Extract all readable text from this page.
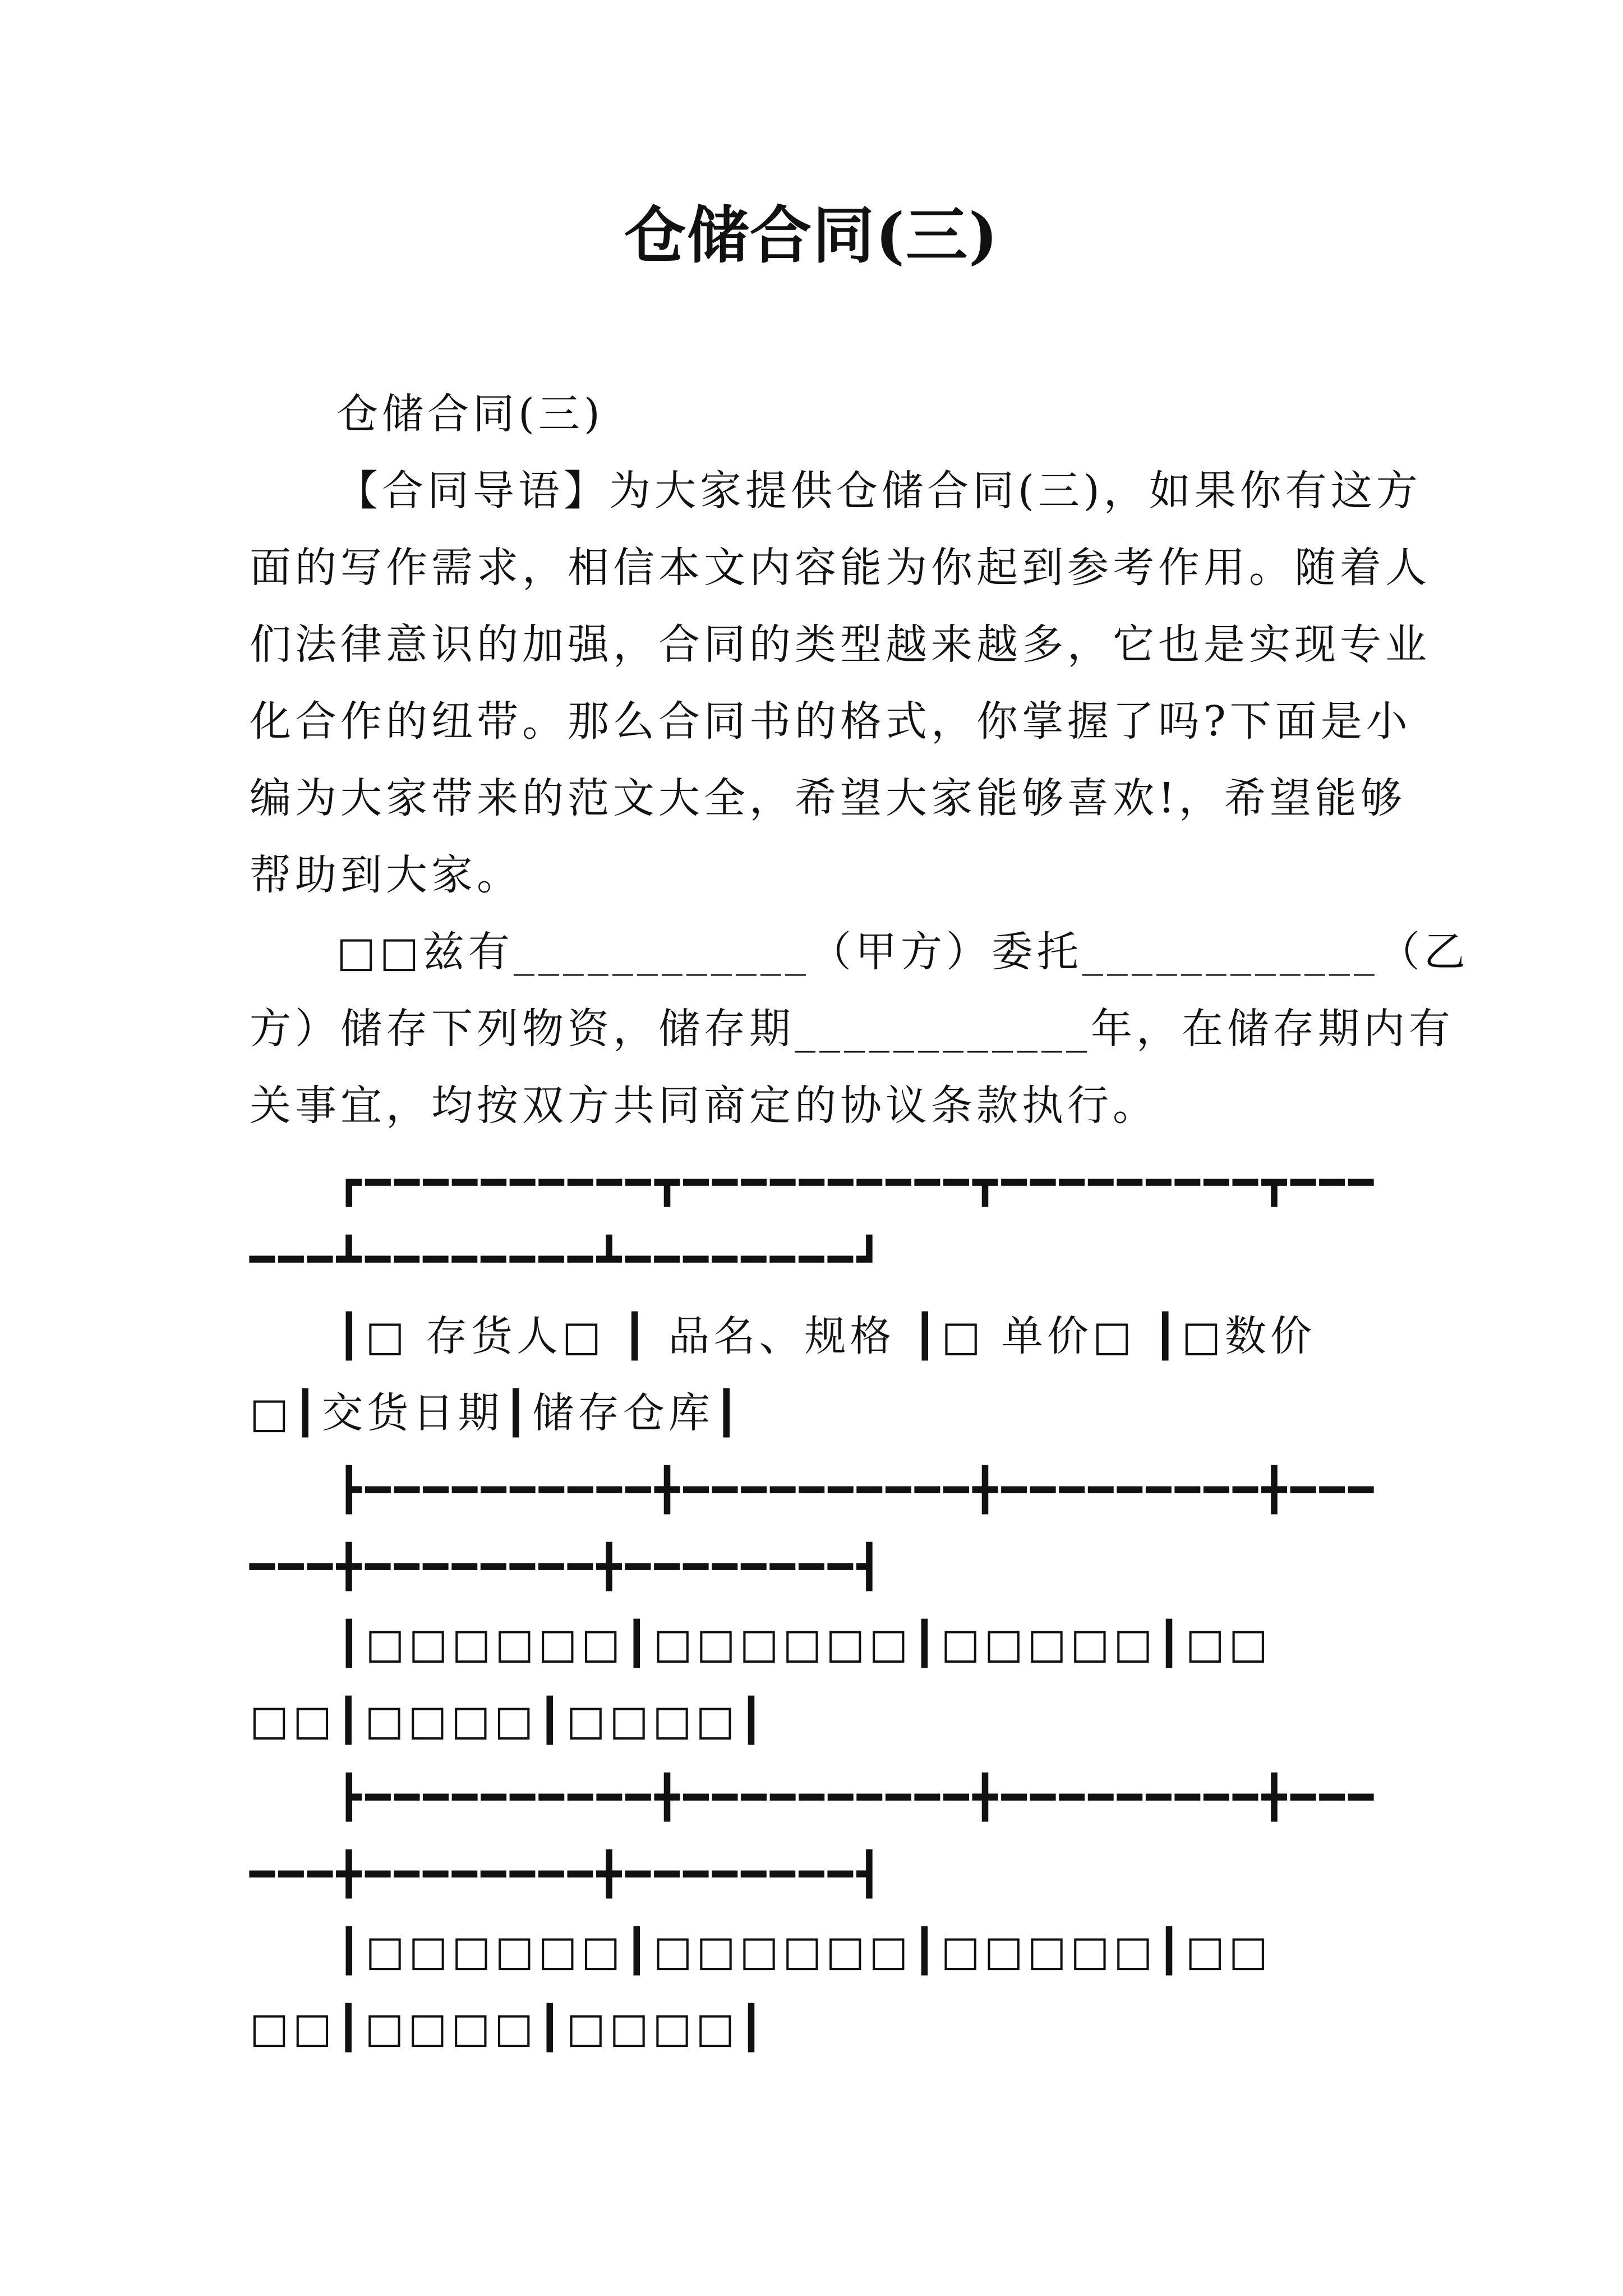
仓储合同(三)
仓储合同(三)
【合同导语】为大家提供仓储合同(三)，如果你有这方
面的写作需求，相信本文内容能为你起到参考作用。随着人
们法律意识的加强，合同的类型越来越多，它也是实现专业
化合作的纽带。那么合同书的格式，你掌握了吗?下面是小
编为大家带来的范文大全，希望大家能够喜欢!，希望能够
帮助到大家。
□□兹有____________（甲方）委托____________（乙
方）储存下列物资，储存期____________年，在储存期内有
关事宜，均按双方共同商定的协议条款执行。
┏━━━━━━━━━━┳━━━━━━━━━━┳━━━━━━━━━┳━━━
━━━┻━━━━━━━━┻━━━━━━━━┛
┃□ 存货人□ ┃ 品名、规格 ┃□ 单价□ ┃□数价
□┃交货日期┃储存仓库┃
┣━━━━━━━━━━╋━━━━━━━━━━╋━━━━━━━━━╋━━━
━━━╋━━━━━━━━╋━━━━━━━━┫
┃□□□□□□┃□□□□□□┃□□□□□┃□□
□□┃□□□□┃□□□□┃
┣━━━━━━━━━━╋━━━━━━━━━━╋━━━━━━━━━╋━━━
━━━╋━━━━━━━━╋━━━━━━━━┫
┃□□□□□□┃□□□□□□┃□□□□□┃□□
□□┃□□□□┃□□□□┃
